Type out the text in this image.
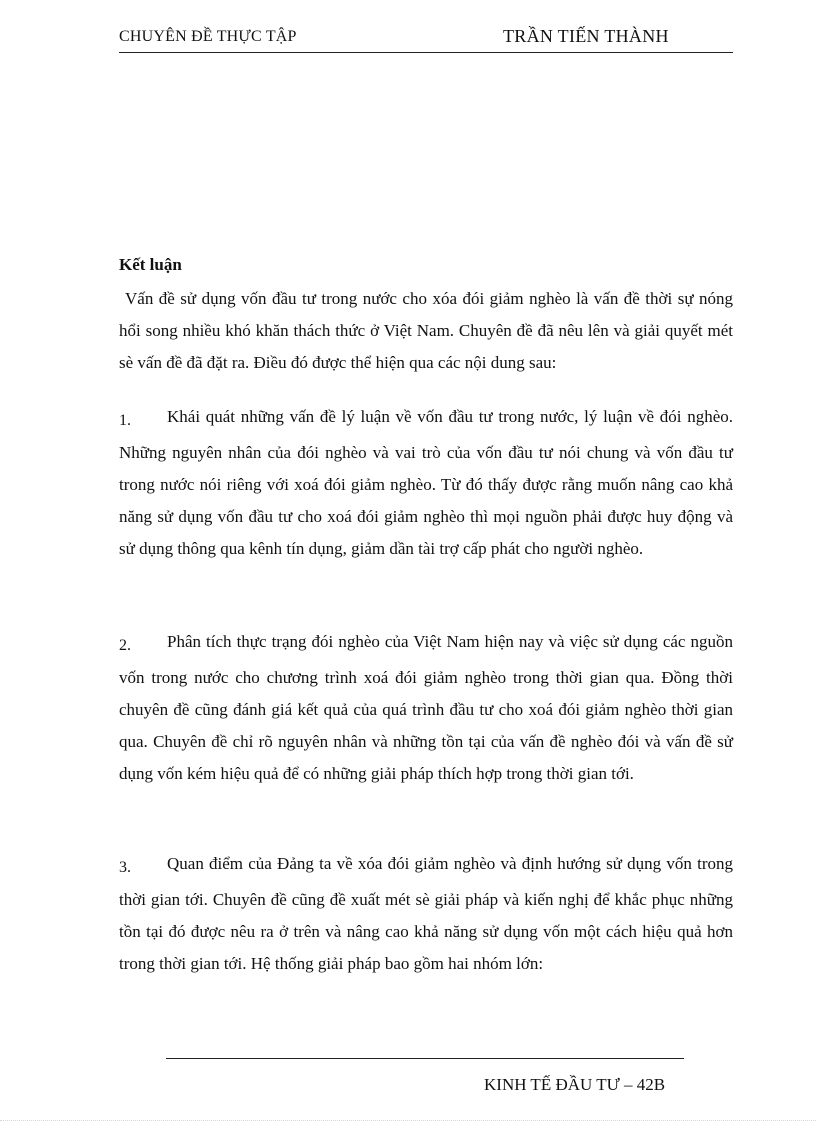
CHUYÊN ĐỀ THỰC TẬP	TRẦN TIẾN THÀNH
Kết luận

Vấn đề sử dụng vốn đầu tư trong nước cho xóa đói giảm nghèo là vấn đề thời sự nóng hổi song nhiều khó khăn thách thức ở Việt Nam. Chuyên đề đã nêu lên và giải quyết mét sè vấn đề đã đặt ra. Điều đó được thể hiện qua các nội dung sau:

1. Khái quát những vấn đề lý luận về vốn đầu tư trong nước, lý luận về đói nghèo. Những nguyên nhân của đói nghèo và vai trò của vốn đầu tư nói chung và vốn đầu tư trong nước nói riêng với xoá đói giảm nghèo. Từ đó thấy được rằng muốn nâng cao khả năng sử dụng vốn đầu tư cho xoá đói giảm nghèo thì mọi nguồn phải được huy động và sử dụng thông qua kênh tín dụng, giảm dần tài trợ cấp phát cho người nghèo.

2. Phân tích thực trạng đói nghèo của Việt Nam hiện nay và việc sử dụng các nguồn vốn trong nước cho chương trình xoá đói giảm nghèo trong thời gian qua. Đồng thời chuyên đề cũng đánh giá kết quả của quá trình đầu tư cho xoá đói giảm nghèo thời gian qua. Chuyên đề chỉ rõ nguyên nhân và những tồn tại của vấn đề nghèo đói và vấn đề sử dụng vốn kém hiệu quả để có những giải pháp thích hợp trong thời gian tới.

3. Quan điểm của Đảng ta về xóa đói giảm nghèo và định hướng sử dụng vốn trong thời gian tới. Chuyên đề cũng đề xuất mét sè giải pháp và kiến nghị để khắc phục những tồn tại đó được nêu ra ở trên và nâng cao khả năng sử dụng vốn một cách hiệu quả hơn trong thời gian tới. Hệ thống giải pháp bao gồm hai nhóm lớn:

KINH TẾ ĐẦU TƯ – 42B
